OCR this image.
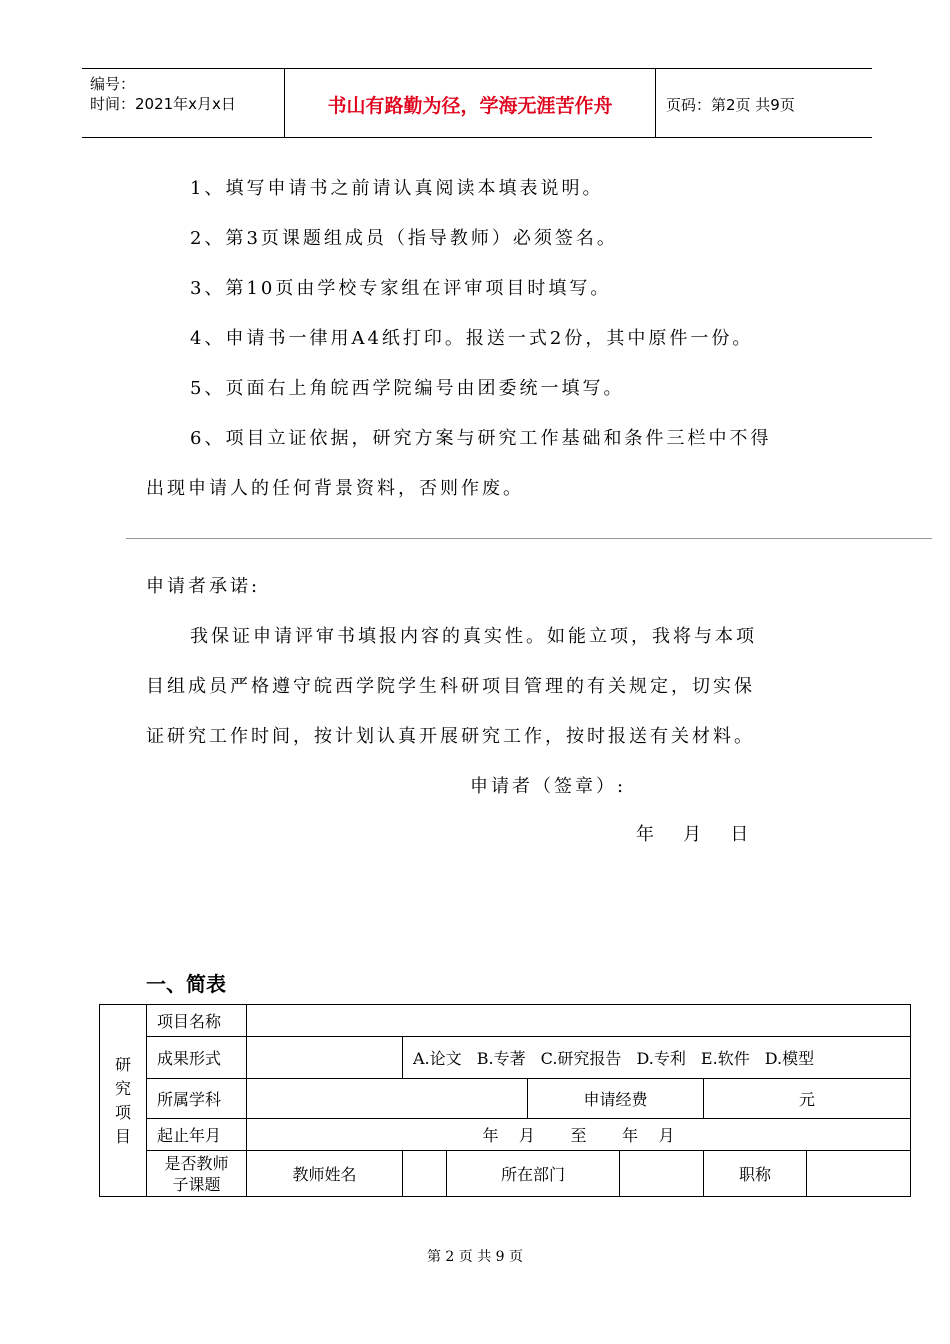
编号：
时间：2021年x月x日	书山有路勤为径，学海无涯苦作舟	页码：第2页 共9页
1、填写申请书之前请认真阅读本填表说明。
2、第3页课题组成员（指导教师）必须签名。
3、第10页由学校专家组在评审项目时填写。
4、申请书一律用A4纸打印。报送一式2份，其中原件一份。
5、页面右上角皖西学院编号由团委统一填写。
6、项目立证依据，研究方案与研究工作基础和条件三栏中不得
出现申请人的任何背景资料，否则作废。
申请者承诺:
我保证申请评审书填报内容的真实性。如能立项，我将与本项
目组成员严格遵守皖西学院学生科研项目管理的有关规定，切实保
证研究工作时间，按计划认真开展研究工作，按时报送有关材料。
申请者（签章）:
年   月   日
一、简表
研究项目	项目名称							
	成果形式		A.论文 B.专著 C.研究报告 D.专利 E.软件 D.模型					
	所属学科				申请经费		元	
	起止年月	年    月       至       年    月						
	是否教师子课题	教师姓名		所在部门			职称	
第 2 页 共 9 页
